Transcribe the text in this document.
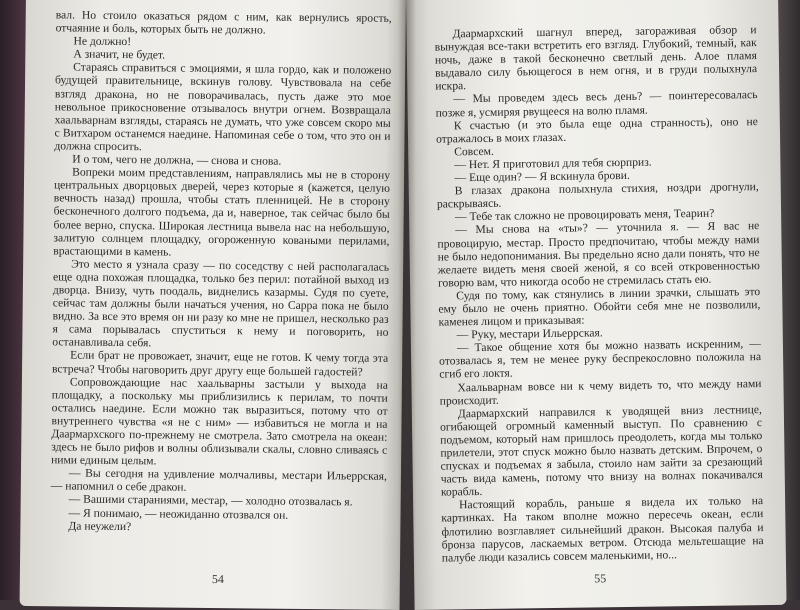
вал. Но стоило оказаться рядом с ним, как вернулись ярость, отчаяние и боль, которых быть не должно.

Не должно!

А значит, не будет.

Стараясь справиться с эмоциями, я шла гордо, как и положено будущей правительнице, вскинув голову. Чувствовала на себе взгляд дракона, но не поворачивалась, пусть даже это мое невольное прикосновение отзывалось внутри огнем. Возвращала хаальварнам взгляды, стараясь не думать, что уже совсем скоро мы с Витхаром останемся наедине. Напоминая себе о том, что это он и должна спросить.

И о том, чего не должна, — снова и снова.

Вопреки моим представлениям, направлялись мы не в сторону центральных дворцовых дверей, через которые я (кажется, целую вечность назад) прошла, чтобы стать пленницей. Не в сторону бесконечного долгого подъема, да и, наверное, так сейчас было бы более верно, спуска. Широкая лестница вывела нас на небольшую, залитую солнцем площадку, огороженную коваными перилами, врастающими в камень.

Это место я узнала сразу — по соседству с ней располагалась еще одна похожая площадка, только без перил: потайной выход из дворца. Внизу, чуть поодаль, виднелись казармы. Судя по суете, сейчас там должны были начаться учения, но Сарра пока не было видно. За все это время он ни разу ко мне не пришел, несколько раз я сама порывалась спуститься к нему и поговорить, но останавливала себя.

Если брат не провожает, значит, еще не готов. К чему тогда эта встреча? Чтобы наговорить друг другу еще большей гадостей?

Сопровождающие нас хаальварны застыли у выхода на площадку, а поскольку мы приблизились к перилам, то почти остались наедине. Если можно так выразиться, потому что от внутреннего чувства «я не с ним» — избавиться не могла и на Даармархского по-прежнему не смотрела. Зато смотрела на океан: здесь не было рифов и волны облизывали скалы, словно сливаясь с ними единым целым.

— Вы сегодня на удивление молчаливы, местари Ильеррская, — напомнил о себе дракон.

— Вашими стараниями, местар, — холодно отозвалась я.

— Я понимаю, — неожиданно отозвался он.

Да неужели?

54

Даармархский шагнул вперед, загораживая обзор и вынуждая все-таки встретить его взгляд. Глубокий, темный, как ночь, даже в такой бесконечно светлый день. Алое пламя выдавало силу бьющегося в нем огня, и в груди полыхнула искра.

— Мы проведем здесь весь день? — поинтересовалась позже я, усмиряя рвущееся на волю пламя.

К счастью (и это была еще одна странность), оно не отражалось в моих глазах.

Совсем.

— Нет. Я приготовил для тебя сюрприз.

— Еще один? — Я вскинула брови.

В глазах дракона полыхнула стихия, ноздри дрогнули, раскрываясь.

— Тебе так сложно не провоцировать меня, Теарин?

— Мы снова на «ты»? — уточнила я. — Я вас не провоцирую, местар. Просто предпочитаю, чтобы между нами не было недопонимания. Вы предельно ясно дали понять, что не желаете видеть меня своей женой, я со всей откровенностью говорю вам, что никогда особо не стремилась стать ею.

Судя по тому, как стянулись в линии зрачки, слышать это ему было не очень приятно. Обойти себя мне не позволили, каменея лицом и приказывая:

— Руку, местари Ильеррская.

— Такое общение хотя бы можно назвать искренним, — отозвалась я, тем не менее руку беспрекословно положила на сгиб его локтя.

Хаальварнам вовсе ни к чему видеть то, что между нами происходит.

Даармархский направился к уводящей вниз лестнице, огибающей огромный каменный выступ. По сравнению с подъемом, который нам пришлось преодолеть, когда мы только прилетели, этот спуск можно было назвать детским. Впрочем, о спусках и подъемах я забыла, стоило нам зайти за срезающий часть вида камень, потому что внизу на волнах покачивался корабль.

Настоящий корабль, раньше я видела их только на картинках. На таком вполне можно пересечь океан, если флотилию возглавляет сильнейший дракон. Высокая палуба и бронза парусов, ласкаемых ветром. Отсюда мельтешащие на палубе люди казались совсем маленькими, но...

55
